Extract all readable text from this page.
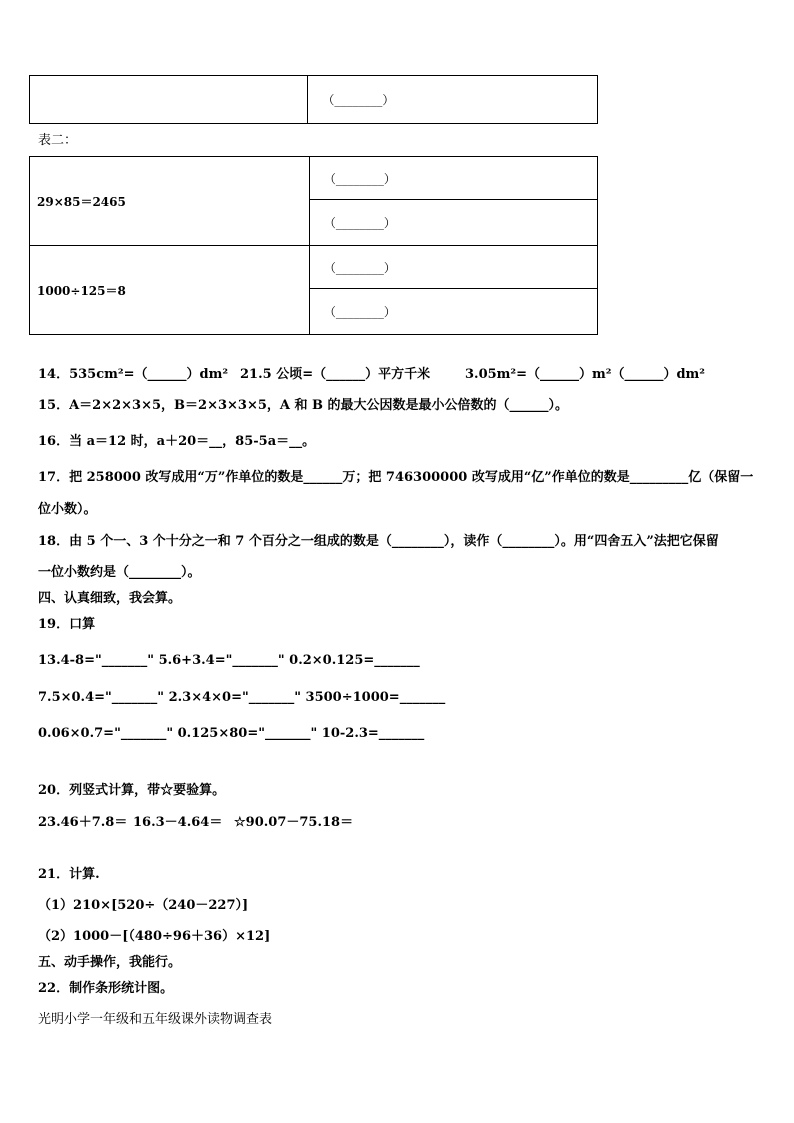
	（________）
表二：
29×85＝2465	（________）
	（________）
1000÷125＝8	（________）
	（________）
14．535cm²=（______）dm² 21.5 公顷=（______）平方千米	3.05m²=（______）m²（______）dm²
15．A＝2×2×3×5，B＝2×3×3×5，A 和 B 的最大公因数是最小公倍数的（______）。
16．当 a＝12 时，a＋20＝__，85-5a＝__。
17．把 258000 改写成用“万”作单位的数是______万；把 746300000 改写成用“亿”作单位的数是_________亿（保留一
位小数）。
18．由 5 个一、3 个十分之一和 7 个百分之一组成的数是（________），读作（________）。用“四舍五入”法把它保留
一位小数约是（________）。
四、认真细致，我会算。
19．口算
13.4-8="_______" 5.6+3.4="_______" 0.2×0.125=_______
7.5×0.4="_______" 2.3×4×0="_______" 3500÷1000=_______
0.06×0.7="_______" 0.125×80="_______" 10-2.3=_______
20．列竖式计算，带☆要验算。
23.46＋7.8＝ 16.3－4.64＝ ☆90.07－75.18＝
21．计算.
（1）210×[520÷（240－227）]
（2）1000－[（480÷96＋36）×12]
五、动手操作，我能行。
22．制作条形统计图。
光明小学一年级和五年级课外读物调查表
